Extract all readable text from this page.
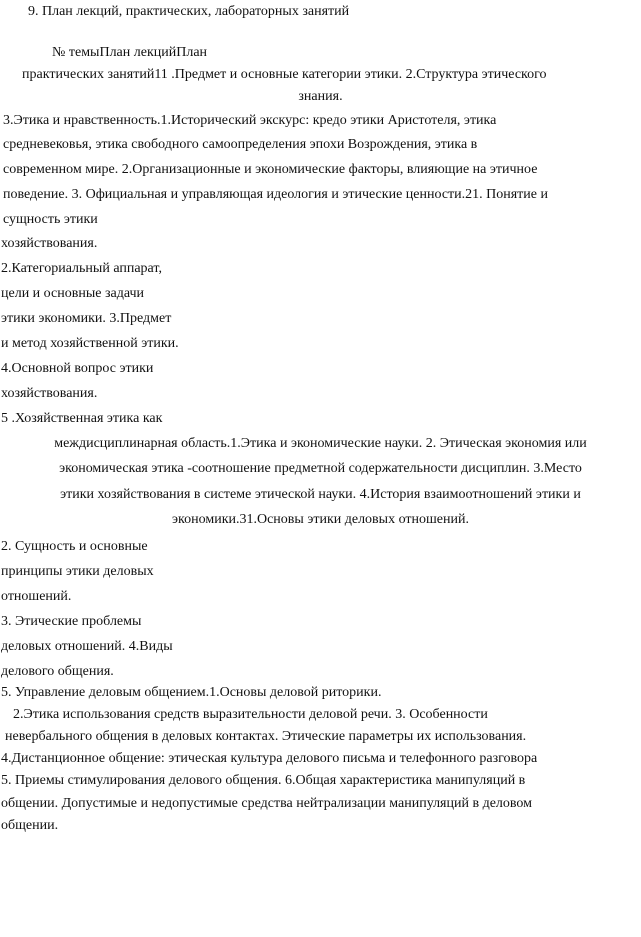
9. План лекций, практических, лабораторных занятий
№ темыПлан лекцийПлан
практических занятий11 .Предмет и основные категории этики. 2.Структура этического
знания.
3.Этика и нравственность.1.Исторический экскурс: кредо этики Аристотеля, этика
средневековья, этика свободного самоопределения эпохи Возрождения, этика в
современном мире. 2.Организационные и экономические факторы, влияющие на этичное
поведение. 3. Официальная и управляющая идеология и этические ценности.21. Понятие и
сущность этики
хозяйствования.
2.Категориальный аппарат,
цели и основные задачи
этики экономики. 3.Предмет
и метод хозяйственной этики.
4.Основной вопрос этики
хозяйствования.
5 .Хозяйственная этика как
междисциплинарная область.1.Этика и экономические науки. 2. Этическая экономия или
экономическая этика -соотношение предметной содержательности дисциплин. 3.Место
этики хозяйствования в системе этической науки. 4.История взаимоотношений этики и
экономики.31.Основы этики деловых отношений.
2. Сущность и основные
принципы этики деловых
отношений.
3. Этические проблемы
деловых отношений. 4.Виды
делового общения.
5. Управление деловым общением.1.Основы деловой риторики.
2.Этика использования средств выразительности деловой речи. 3. Особенности
невербального общения в деловых контактах. Этические параметры их использования.
4.Дистанционное общение: этическая культура делового письма и телефонного разговора
5. Приемы стимулирования делового общения. 6.Общая характеристика манипуляций в
общении. Допустимые и недопустимые средства нейтрализации манипуляций в деловом
общении.
